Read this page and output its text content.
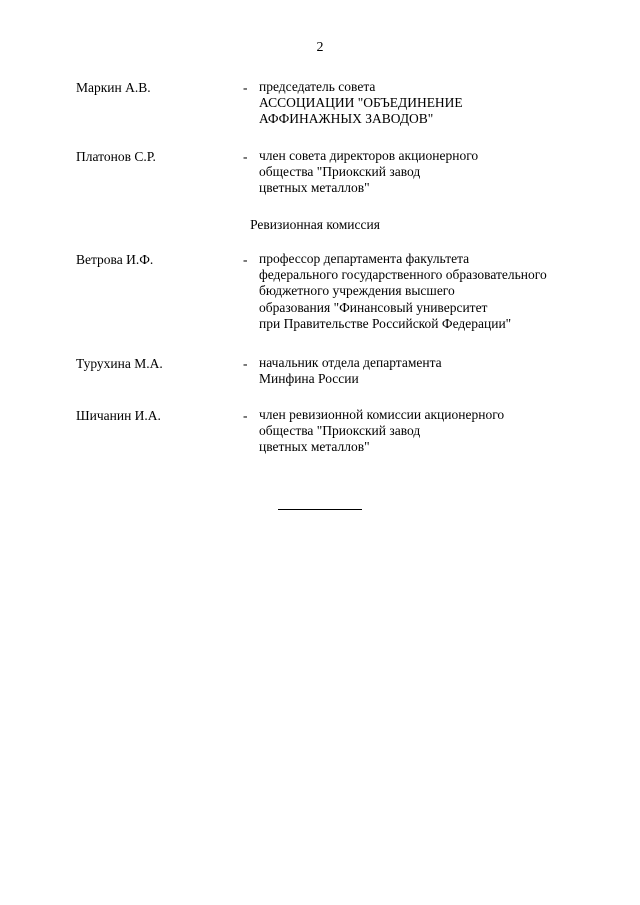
2
Маркин А.В.	- председатель совета
АССОЦИАЦИИ "ОБЪЕДИНЕНИЕ
АФФИНАЖНЫХ ЗАВОДОВ"
Платонов С.Р.	- член совета директоров акционерного
общества "Приокский завод
цветных металлов"
Ревизионная комиссия
Ветрова И.Ф.	- профессор департамента факультета
федерального государственного образовательного
бюджетного учреждения высшего
образования "Финансовый университет
при Правительстве Российской Федерации"
Турухина М.А.	- начальник отдела департамента
Минфина России
Шичанин И.А.	- член ревизионной комиссии акционерного
общества "Приокский завод
цветных металлов"
